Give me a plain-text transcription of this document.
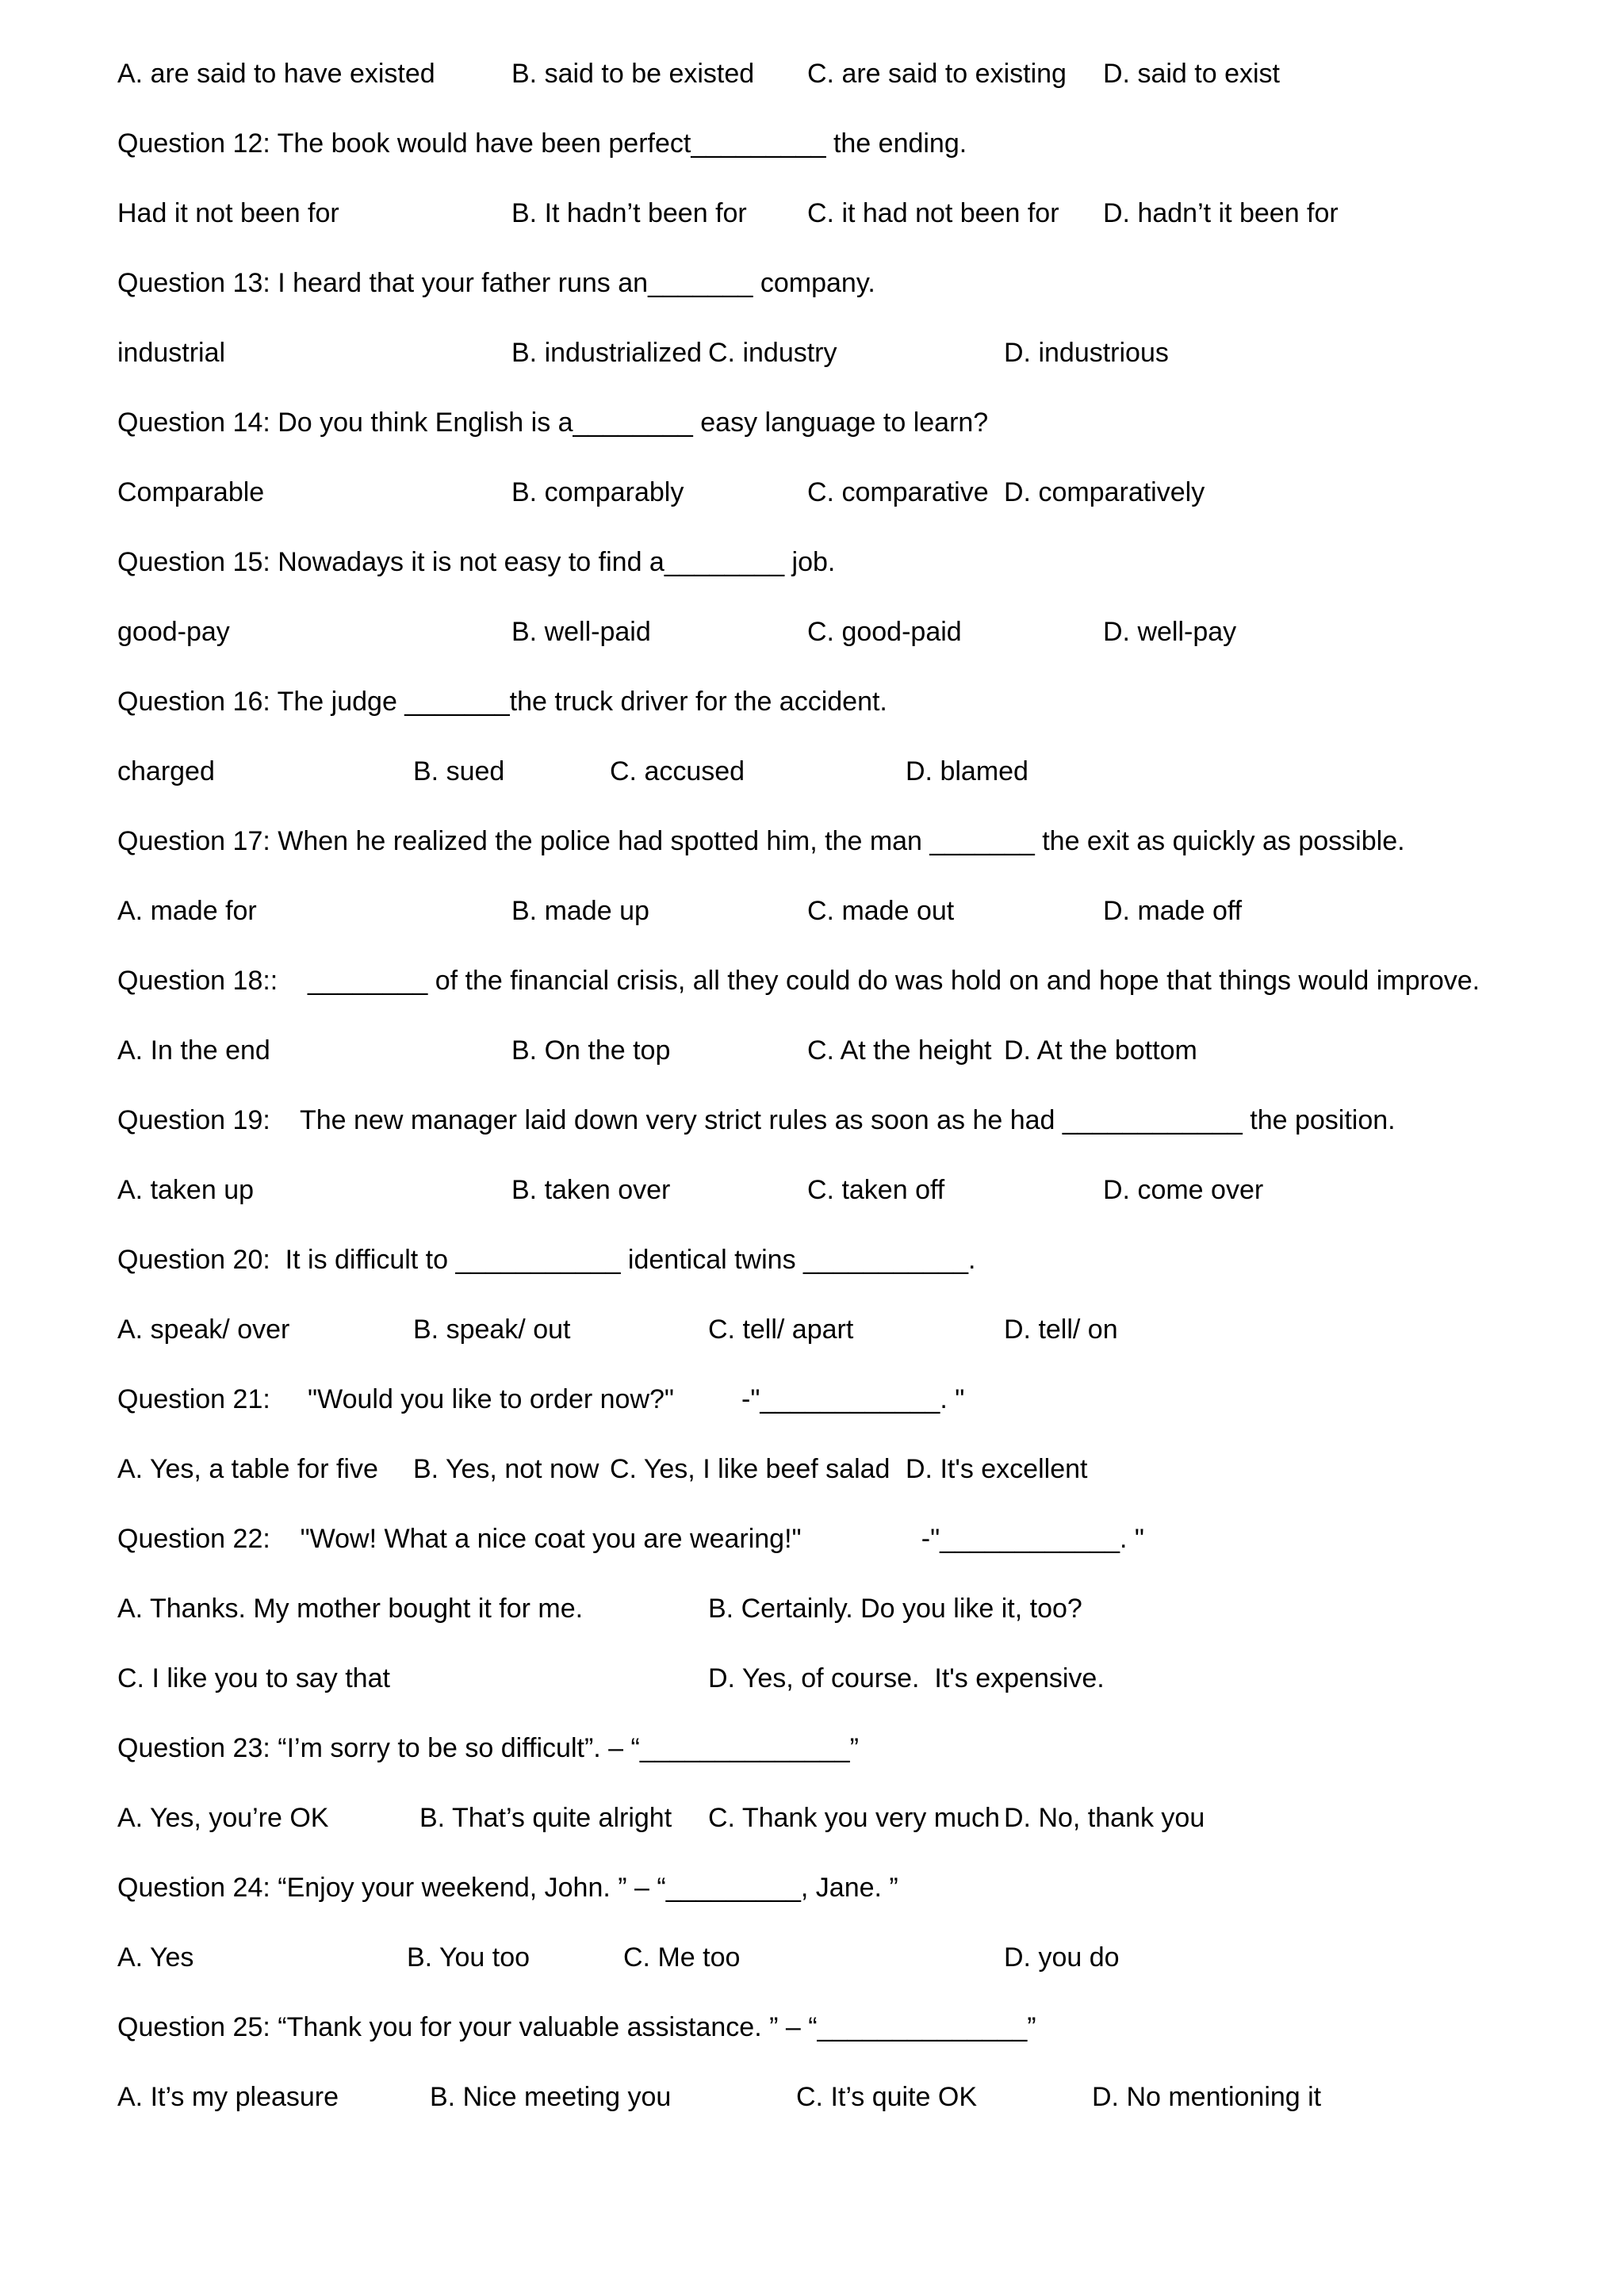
A. are said to have existed	B. said to be existed C. are said to existing D. said to exist
Question 12: The book would have been perfect_________ the ending.
Had it not been for	B. It hadn’t been for C. it had not been for D. hadn’t it been for
Question 13: I heard that your father runs an_______ company.
industrial	B. industrialized C. industry	D. industrious
Question 14: Do you think English is a________ easy language to learn?
Comparable	B. comparably	C. comparative D. comparatively
Question 15: Nowadays it is not easy to find a________ job.
good-pay	B. well-paid	C. good-paid	D. well-pay
Question 16: The judge _______the truck driver for the accident.
charged	B. sued	C. accused	D. blamed
Question 17: When he realized the police had spotted him, the man _______ the exit as quickly as possible.
A. made for	B. made up	C. made out	D. made off
Question 18::    ________ of the financial crisis, all they could do was hold on and hope that things would improve.
A. In the end	B. On the top	C. At the height D. At the bottom
Question 19:    The new manager laid down very strict rules as soon as he had ____________ the position.
A. taken up	B. taken over	C. taken off	D. come over
Question 20:  It is difficult to ___________ identical twins ___________.
A. speak/ over	B. speak/ out	C. tell/ apart	D. tell/ on
Question 21:     "Would you like to order now?"         -"____________. "
A. Yes, a table for five B. Yes, not now C. Yes, I like beef salad D. It's excellent
Question 22:    "Wow! What a nice coat you are wearing!"                -"____________. "
A. Thanks. My mother bought it for me.	B. Certainly. Do you like it, too?
C. I like you to say that	D. Yes, of course.  It's expensive.
Question 23: “I’m sorry to be so difficult”. – “______________”
A. Yes, you’re OK	B. That’s quite alright C. Thank you very much D. No, thank you
Question 24: “Enjoy your weekend, John. ” – “_________, Jane. ”
A. Yes	B. You too	C. Me too	D. you do
Question 25: “Thank you for your valuable assistance. ” – “______________”
A. It’s my pleasure	B. Nice meeting you	C. It’s quite OK	D. No mentioning it
